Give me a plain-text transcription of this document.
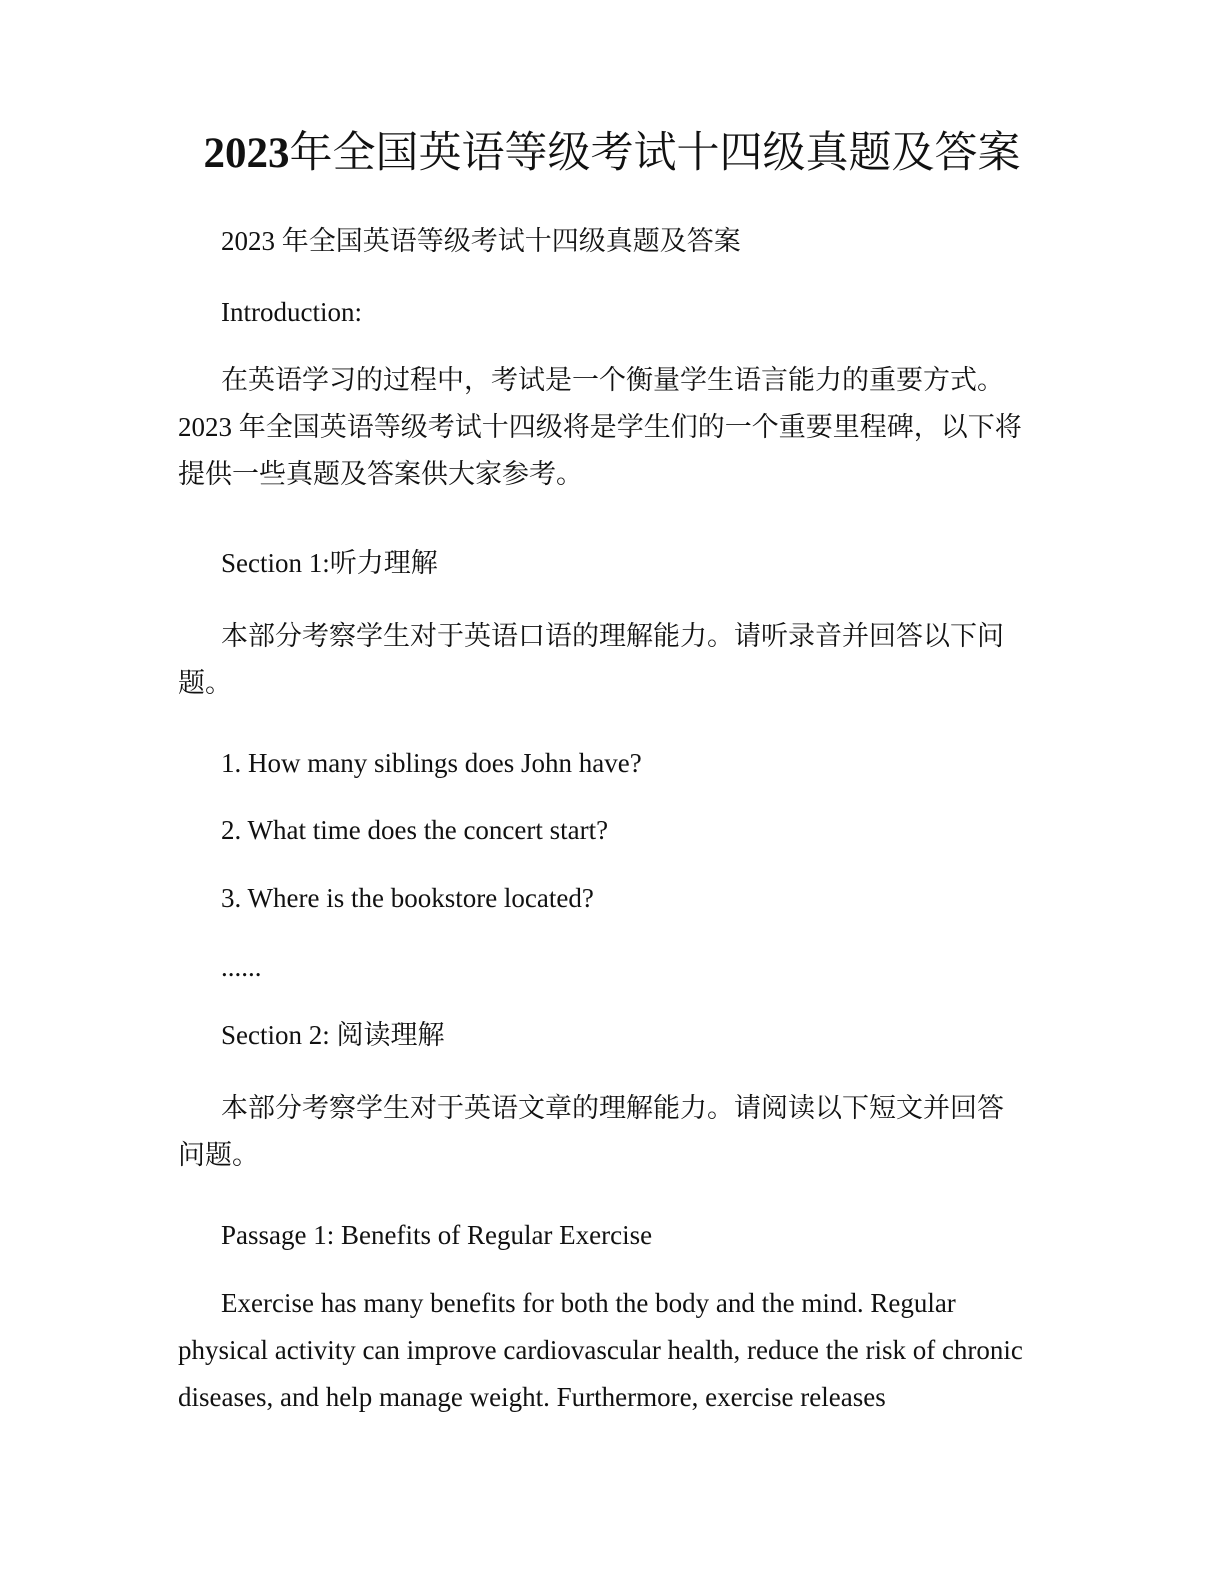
2023年全国英语等级考试十四级真题及答案

2023 年全国英语等级考试十四级真题及答案

Introduction:

在英语学习的过程中，考试是一个衡量学生语言能力的重要方式。2023 年全国英语等级考试十四级将是学生们的一个重要里程碑，以下将提供一些真题及答案供大家参考。

Section 1:听力理解

本部分考察学生对于英语口语的理解能力。请听录音并回答以下问题。

1. How many siblings does John have?

2. What time does the concert start?

3. Where is the bookstore located?

......

Section 2: 阅读理解

本部分考察学生对于英语文章的理解能力。请阅读以下短文并回答问题。

Passage 1: Benefits of Regular Exercise

Exercise has many benefits for both the body and the mind. Regular physical activity can improve cardiovascular health, reduce the risk of chronic diseases, and help manage weight. Furthermore, exercise releases
